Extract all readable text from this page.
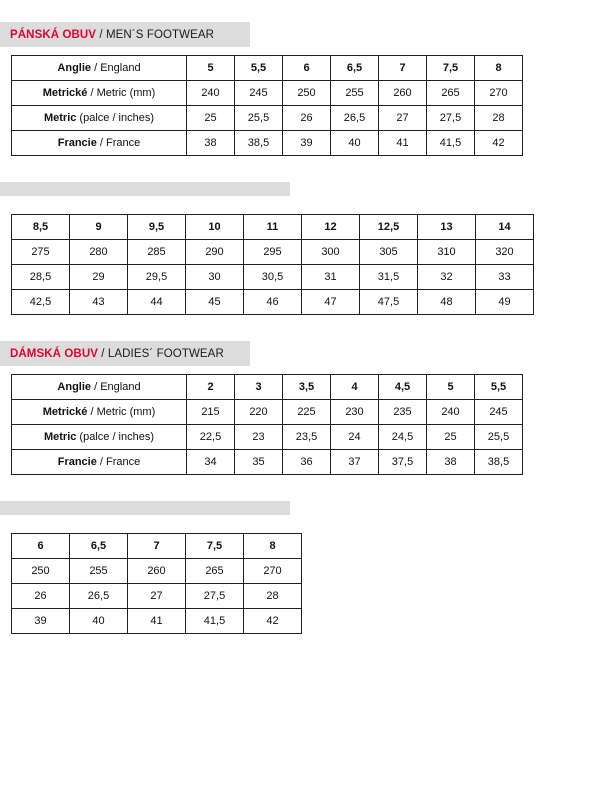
PÁNSKÁ OBUV
/ MEN´S FOOTWEAR
Anglie / England	5	5,5	6	6,5	7	7,5	8
Metrické / Metric (mm)	240	245	250	255	260	265	270
Metric (palce / inches)	25	25,5	26	26,5	27	27,5	28
Francie / France	38	38,5	39	40	41	41,5	42
8,5	9	9,5	10	11	12	12,5	13	14
275	280	285	290	295	300	305	310	320
28,5	29	29,5	30	30,5	31	31,5	32	33
42,5	43	44	45	46	47	47,5	48	49
DÁMSKÁ OBUV
/ LADIES´ FOOTWEAR
Anglie / England	2	3	3,5	4	4,5	5	5,5
Metrické / Metric (mm)	215	220	225	230	235	240	245
Metric (palce / inches)	22,5	23	23,5	24	24,5	25	25,5
Francie / France	34	35	36	37	37,5	38	38,5
6	6,5	7	7,5	8
250	255	260	265	270
26	26,5	27	27,5	28
39	40	41	41,5	42
